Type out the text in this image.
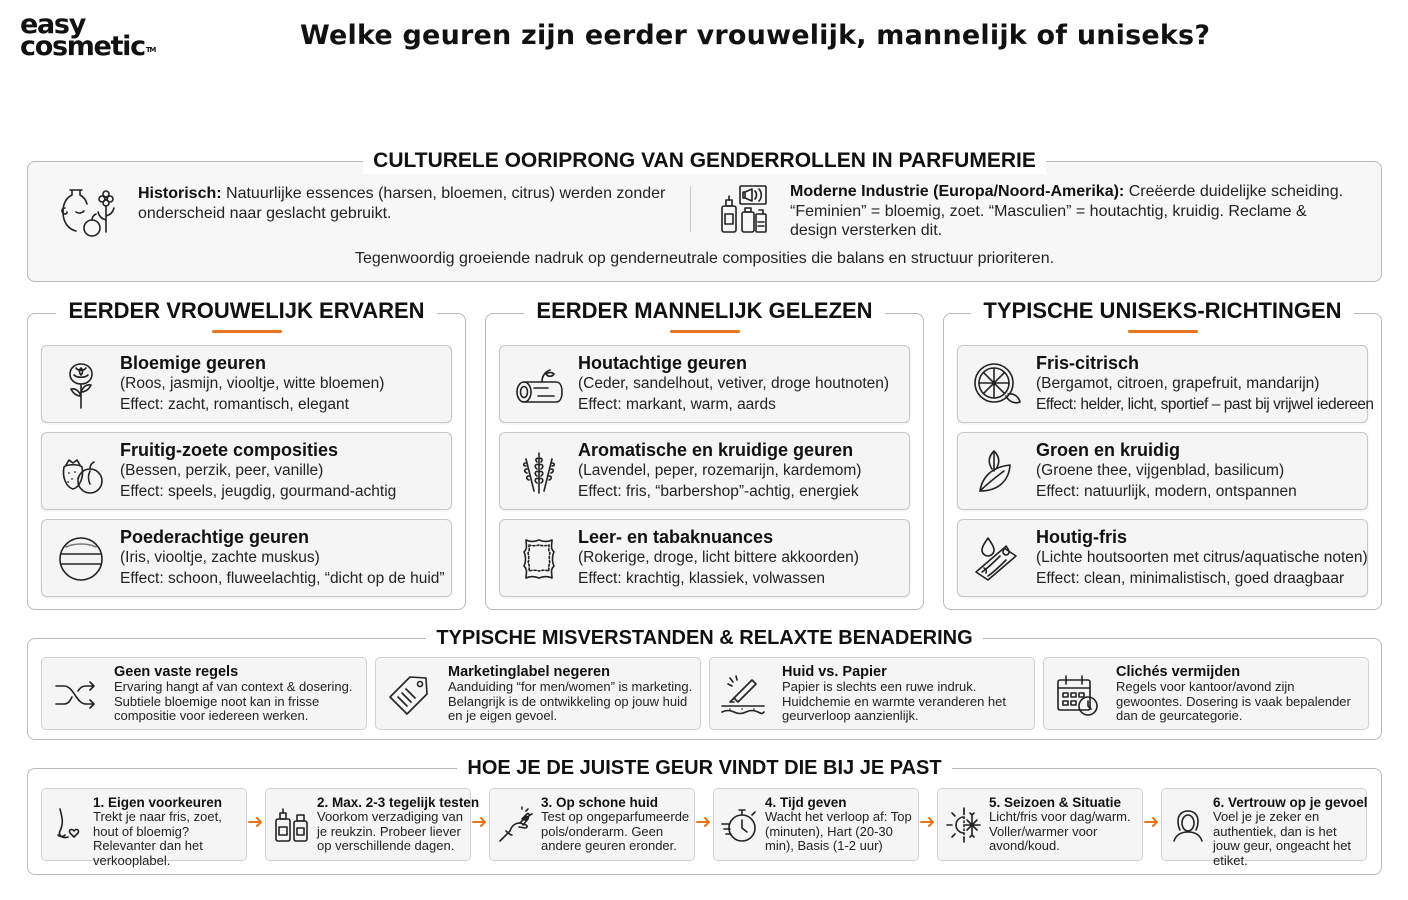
easy
cosmetic™	Welke geuren zijn eerder vrouwelijk, mannelijk of uniseks?
CULTURELE OORIPRONG VAN GENDERROLLEN IN PARFUMERIE
Historisch: Natuurlijke essences (harsen, bloemen, citrus) werden zonder onderscheid naar geslacht gebruikt.
Moderne Industrie (Europa/Noord-Amerika): Creëerde duidelijke scheiding. “Feminien” = bloemig, zoet. “Masculien” = houtachtig, kruidig. Reclame & design versterken dit.
Tegenwoordig groeiende nadruk op genderneutrale composities die balans en structuur prioriteren.
EERDER VROUWELIJK ERVAREN
Bloemige geuren
(Roos, jasmijn, viooltje, witte bloemen)
Effect: zacht, romantisch, elegant
Fruitig-zoete composities
(Bessen, perzik, peer, vanille)
Effect: speels, jeugdig, gourmand-achtig
Poederachtige geuren
(Iris, viooltje, zachte muskus)
Effect: schoon, fluweelachtig, “dicht op de huid”
EERDER MANNELIJK GELEZEN
Houtachtige geuren
(Ceder, sandelhout, vetiver, droge houtnoten)
Effect: markant, warm, aards
Aromatische en kruidige geuren
(Lavendel, peper, rozemarijn, kardemom)
Effect: fris, “barbershop”-achtig, energiek
Leer- en tabaknuances
(Rokerige, droge, licht bittere akkoorden)
Effect: krachtig, klassiek, volwassen
TYPISCHE UNISEKS-RICHTINGEN
Fris-citrisch
(Bergamot, citroen, grapefruit, mandarijn)
Effect: helder, licht, sportief – past bij vrijwel iedereen
Groen en kruidig
(Groene thee, vijgenblad, basilicum)
Effect: natuurlijk, modern, ontspannen
Houtig-fris
(Lichte houtsoorten met citrus/aquatische noten)
Effect: clean, minimalistisch, goed draagbaar
TYPISCHE MISVERSTANDEN & RELAXTE BENADERING
Geen vaste regels
Ervaring hangt af van context & dosering. Subtiele bloemige noot kan in frisse compositie voor iedereen werken.
Marketinglabel negeren
Aanduiding “for men/women” is marketing. Belangrijk is de ontwikkeling op jouw huid en je eigen gevoel.
Huid vs. Papier
Papier is slechts een ruwe indruk. Huidchemie en warmte veranderen het geurverloop aanzienlijk.
Clichés vermijden
Regels voor kantoor/avond zijn gewoontes. Dosering is vaak bepalender dan de geurcategorie.
HOE JE DE JUISTE GEUR VINDT DIE BIJ JE PAST
1. Eigen voorkeuren
Trekt je naar fris, zoet, hout of bloemig? Relevanter dan het verkooplabel.
2. Max. 2-3 tegelijk testen
Voorkom verzadiging van je reukzin. Probeer liever op verschillende dagen.
3. Op schone huid
Test op ongeparfumeerde pols/onderarm. Geen andere geuren eronder.
4. Tijd geven
Wacht het verloop af: Top (minuten), Hart (20-30 min), Basis (1-2 uur)
5. Seizoen & Situatie
Licht/fris voor dag/warm. Voller/warmer voor avond/koud.
6. Vertrouw op je gevoel
Voel je je zeker en authentiek, dan is het jouw geur, ongeacht het etiket.
